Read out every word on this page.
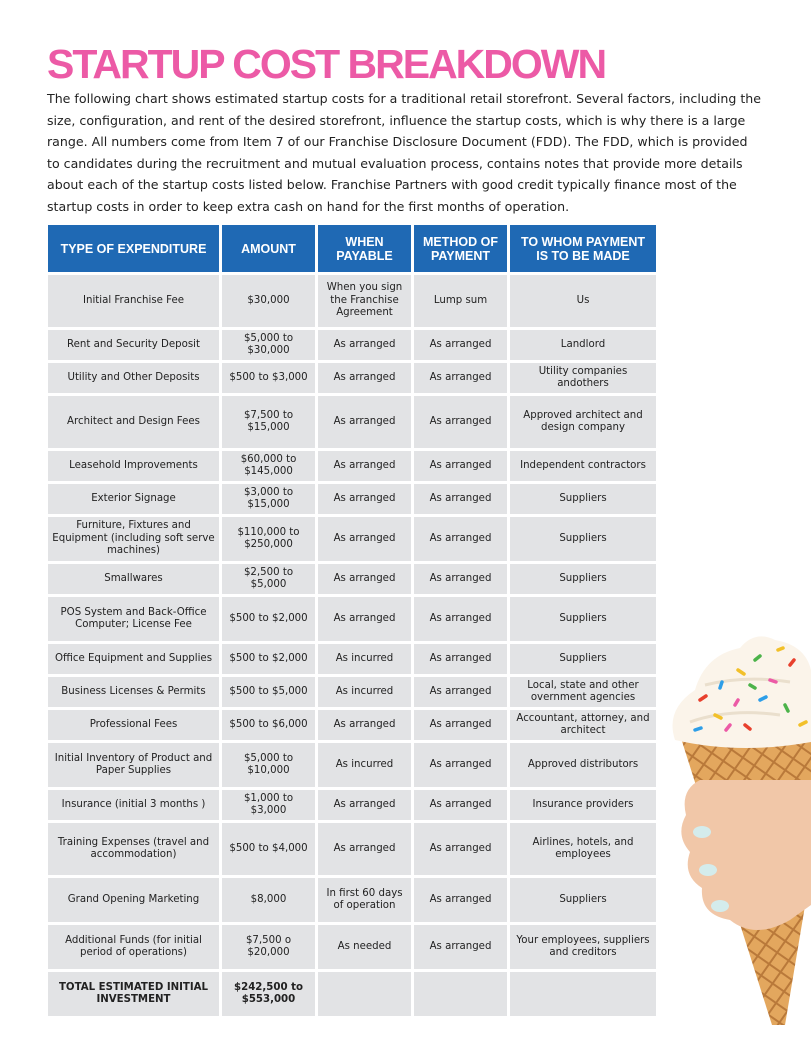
STARTUP COST BREAKDOWN

The following chart shows estimated startup costs for a traditional retail storefront. Several factors, including the size, configuration, and rent of the desired storefront, influence the startup costs, which is why there is a large range. All numbers come from Item 7 of our Franchise Disclosure Document (FDD). The FDD, which is provided to candidates during the recruitment and mutual evaluation process, contains notes that provide more details about each of the startup costs listed below. Franchise Partners with good credit typically finance most of the startup costs in order to keep extra cash on hand for the first months of operation.

TYPE OF EXPENDITURE	AMOUNT	WHEN PAYABLE	METHOD OF PAYMENT	TO WHOM PAYMENT IS TO BE MADE
Initial Franchise Fee	$30,000	When you sign the Franchise Agreement	Lump sum	Us
Rent and Security Deposit	$5,000 to $30,000	As arranged	As arranged	Landlord
Utility and Other Deposits	$500 to $3,000	As arranged	As arranged	Utility companies andothers
Architect and Design Fees	$7,500 to $15,000	As arranged	As arranged	Approved architect and design company
Leasehold Improvements	$60,000 to $145,000	As arranged	As arranged	Independent contractors
Exterior Signage	$3,000 to $15,000	As arranged	As arranged	Suppliers
Furniture, Fixtures and Equipment (including soft serve machines)	$110,000 to $250,000	As arranged	As arranged	Suppliers
Smallwares	$2,500 to $5,000	As arranged	As arranged	Suppliers
POS System and Back-Office Computer; License Fee	$500 to $2,000	As arranged	As arranged	Suppliers
Office Equipment and Supplies	$500 to $2,000	As incurred	As arranged	Suppliers
Business Licenses & Permits	$500 to $5,000	As incurred	As arranged	Local, state and other overnment agencies
Professional Fees	$500 to $6,000	As arranged	As arranged	Accountant, attorney, and architect
Initial Inventory of Product and Paper Supplies	$5,000 to $10,000	As incurred	As arranged	Approved distributors
Insurance (initial 3 months )	$1,000 to $3,000	As arranged	As arranged	Insurance providers
Training Expenses (travel and accommodation)	$500 to $4,000	As arranged	As arranged	Airlines, hotels, and employees
Grand Opening Marketing	$8,000	In first 60 days of operation	As arranged	Suppliers
Additional Funds (for initial period of operations)	$7,500 o $20,000	As needed	As arranged	Your employees, suppliers and creditors
TOTAL ESTIMATED INITIAL INVESTMENT	$242,500 to $553,000			
